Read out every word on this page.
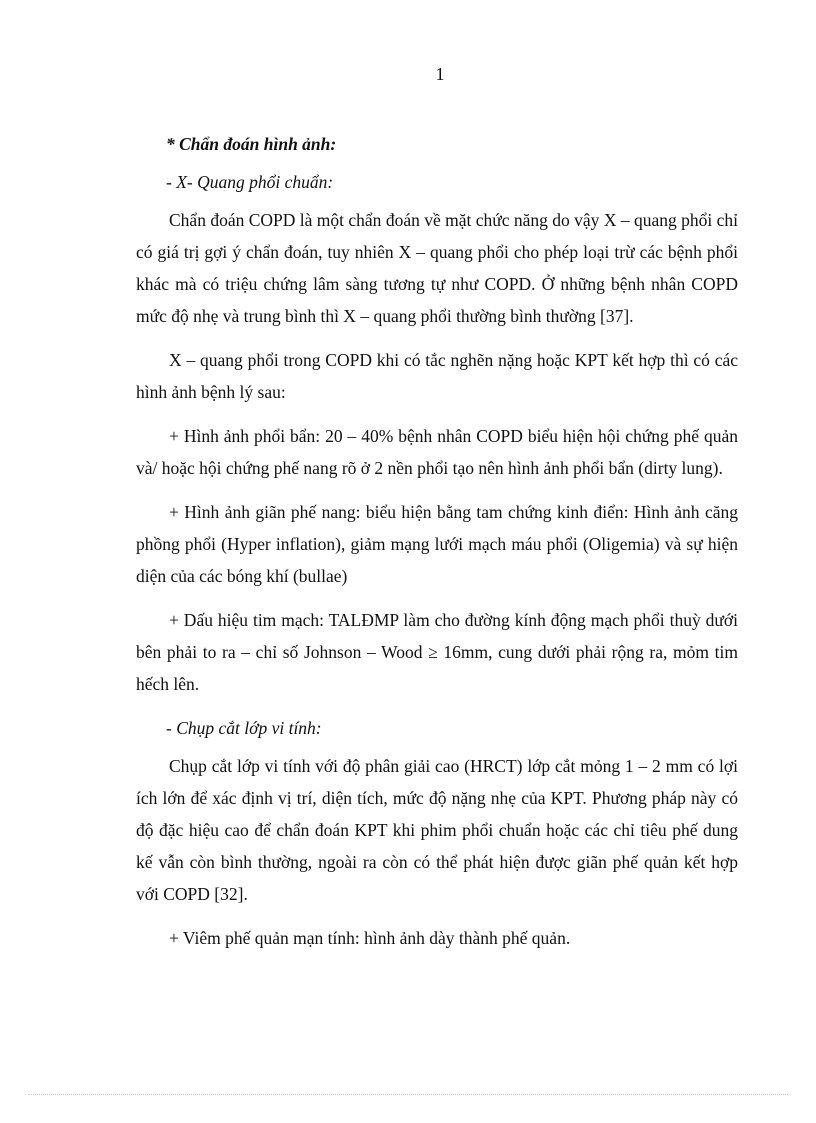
1

* Chẩn đoán hình ảnh:

- X- Quang phổi chuẩn:

Chẩn đoán COPD là một chẩn đoán về mặt chức năng do vậy X – quang phổi chỉ có giá trị gợi ý chẩn đoán, tuy nhiên X – quang phổi cho phép loại trừ các bệnh phổi khác mà có triệu chứng lâm sàng tương tự như COPD. Ở những bệnh nhân COPD mức độ nhẹ và trung bình thì X – quang phổi thường bình thường [37].

X – quang phổi trong COPD khi có tắc nghẽn nặng hoặc KPT kết hợp thì có các hình ảnh bệnh lý sau:

+ Hình ảnh phổi bẩn: 20 – 40% bệnh nhân COPD biểu hiện hội chứng phế quản và/ hoặc hội chứng phế nang rõ ở 2 nền phổi tạo nên hình ảnh phổi bẩn (dirty lung).

+ Hình ảnh giãn phế nang: biểu hiện bằng tam chứng kinh điển: Hình ảnh căng phồng phổi (Hyper inflation), giảm mạng lưới mạch máu phổi (Oligemia) và sự hiện diện của các bóng khí (bullae)

+ Dấu hiệu tim mạch: TALĐMP làm cho đường kính động mạch phổi thuỳ dưới bên phải to ra – chỉ số Johnson – Wood ≥ 16mm, cung dưới phải rộng ra, mỏm tim hếch lên.

- Chụp cắt lớp vi tính:

Chụp cắt lớp vi tính với độ phân giải cao (HRCT) lớp cắt mỏng 1 – 2 mm có lợi ích lớn để xác định vị trí, diện tích, mức độ nặng nhẹ của KPT. Phương pháp này có độ đặc hiệu cao để chẩn đoán KPT khi phim phổi chuẩn hoặc các chỉ tiêu phế dung kế vẫn còn bình thường, ngoài ra còn có thể phát hiện được giãn phế quản kết hợp với COPD [32].

+ Viêm phế quản mạn tính: hình ảnh dày thành phế quản.
